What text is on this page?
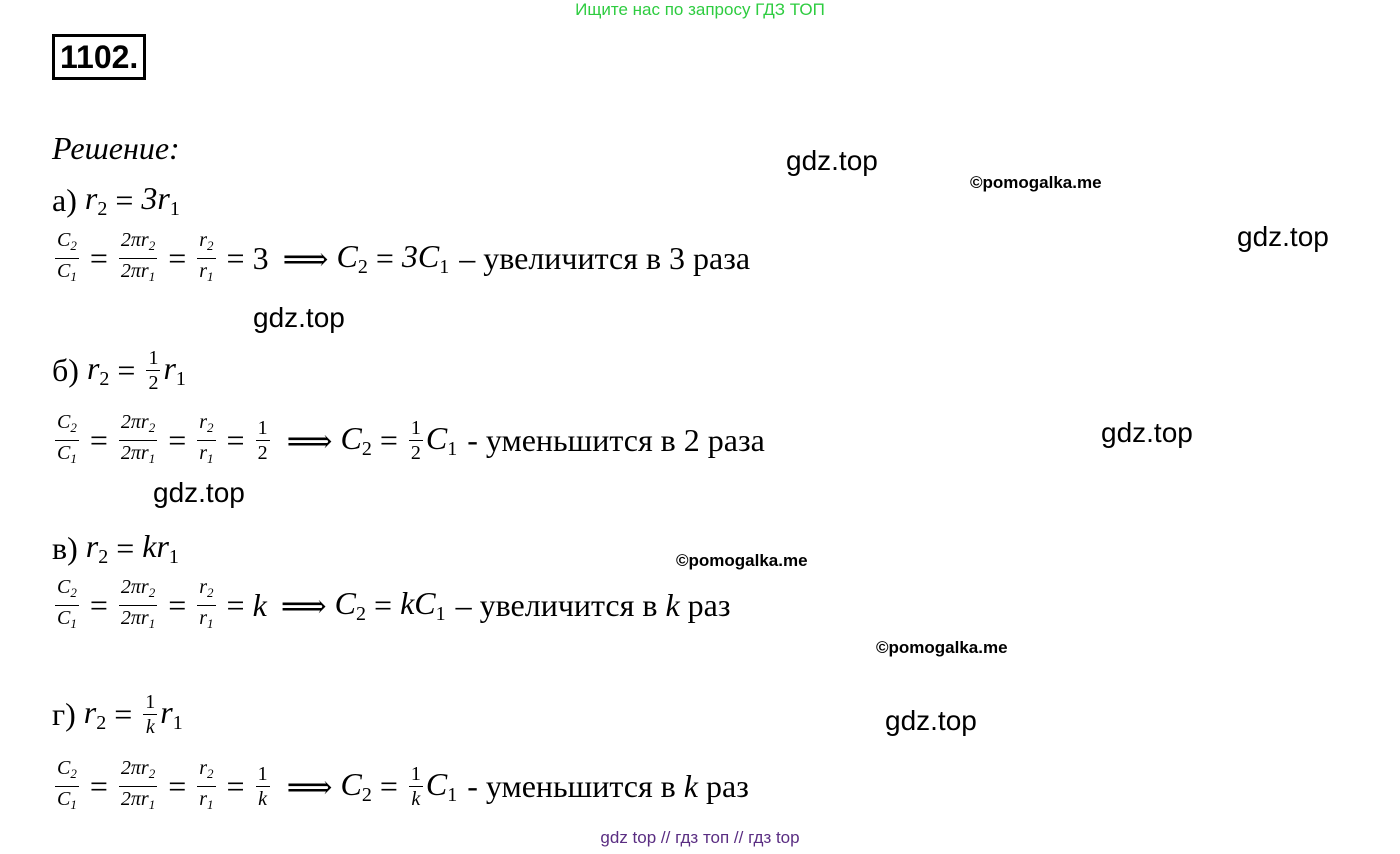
Ищите нас по запросу ГДЗ ТОП
1102.
Решение:
а) $r_2 = 3r_1$
$\frac{C_2}{C_1} = \frac{2\pi r_2}{2\pi r_1} = \frac{r_2}{r_1} = 3$ ⟹ $C_2 = 3C_1$ – увеличится в 3 раза
б) $r_2 = \frac{1}{2} r_1$
$\frac{C_2}{C_1} = \frac{2\pi r_2}{2\pi r_1} = \frac{r_2}{r_1} = \frac{1}{2}$ ⟹ $C_2 = \frac{1}{2} C_1$ - уменьшится в 2 раза
в) $r_2 = kr_1$
$\frac{C_2}{C_1} = \frac{2\pi r_2}{2\pi r_1} = \frac{r_2}{r_1} = k$ ⟹ $C_2 = kC_1$ – увеличится в k раз
г) $r_2 = \frac{1}{k} r_1$
$\frac{C_2}{C_1} = \frac{2\pi r_2}{2\pi r_1} = \frac{r_2}{r_1} = \frac{1}{k}$ ⟹ $C_2 = \frac{1}{k} C_1$ - уменьшится в k раз
gdz.top
©pomogalka.me
gdz.top
gdz.top
gdz.top
gdz.top
©pomogalka.me
©pomogalka.me
gdz.top
gdz top // гдз топ // гдз top
